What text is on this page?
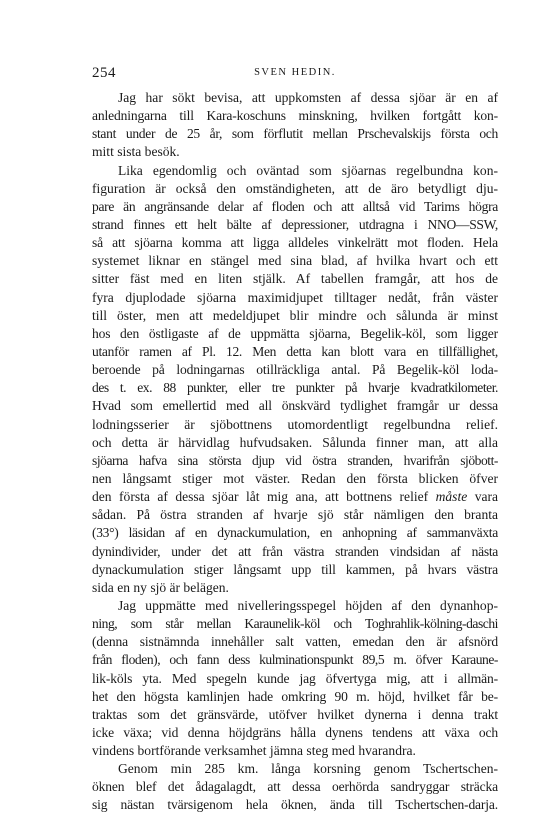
254	SVEN HEDIN.
Jag har sökt bevisa, att uppkomsten af dessa sjöar är en af
anledningarna till Kara-koschuns minskning, hvilken fortgått kon-
stant under de 25 år, som förflutit mellan Prschevalskijs första och
mitt sista besök.
Lika egendomlig och oväntad som sjöarnas regelbundna kon-
figuration är också den omständigheten, att de äro betydligt dju-
pare än angränsande delar af floden och att alltså vid Tarims högra
strand finnes ett helt bälte af depressioner, utdragna i NNO—SSW,
så att sjöarna komma att ligga alldeles vinkelrätt mot floden. Hela
systemet liknar en stängel med sina blad, af hvilka hvart och ett
sitter fäst med en liten stjälk. Af tabellen framgår, att hos de
fyra djuplodade sjöarna maximidjupet tilltager nedåt, från väster
till öster, men att medeldjupet blir mindre och sålunda är minst
hos den östligaste af de uppmätta sjöarna, Begelik-köl, som ligger
utanför ramen af Pl. 12. Men detta kan blott vara en tillfällighet,
beroende på lodningarnas otillräckliga antal. På Begelik-köl loda-
des t. ex. 88 punkter, eller tre punkter på hvarje kvadratkilometer.
Hvad som emellertid med all önskvärd tydlighet framgår ur dessa
lodningsserier är sjöbottnens utomordentligt regelbundna relief.
och detta är härvidlag hufvudsaken. Sålunda finner man, att alla
sjöarna hafva sina största djup vid östra stranden, hvarifrån sjöbott-
nen långsamt stiger mot väster. Redan den första blicken öfver
den första af dessa sjöar låt mig ana, att bottnens relief måste vara
sådan. På östra stranden af hvarje sjö står nämligen den branta
(33°) läsidan af en dynackumulation, en anhopning af sammanväxta
dynindivider, under det att från västra stranden vindsidan af nästa
dynackumulation stiger långsamt upp till kammen, på hvars västra
sida en ny sjö är belägen.
Jag uppmätte med nivelleringsspegel höjden af den dynanhop-
ning, som står mellan Karaunelik-köl och Toghrahlik-kölning-daschi
(denna sistnämnda innehåller salt vatten, emedan den är afsnörd
från floden), och fann dess kulminationspunkt 89,5 m. öfver Karaune-
lik-köls yta. Med spegeln kunde jag öfvertyga mig, att i allmän-
het den högsta kamlinjen hade omkring 90 m. höjd, hvilket får be-
traktas som det gränsvärde, utöfver hvilket dynerna i denna trakt
icke växa; vid denna höjdgräns hålla dynens tendens att växa och
vindens bortförande verksamhet jämna steg med hvarandra.
Genom min 285 km. långa korsning genom Tschertschen-
öknen blef det ådagalagdt, att dessa oerhörda sandryggar sträcka
sig nästan tvärsigenom hela öknen, ända till Tschertschen-darja.
